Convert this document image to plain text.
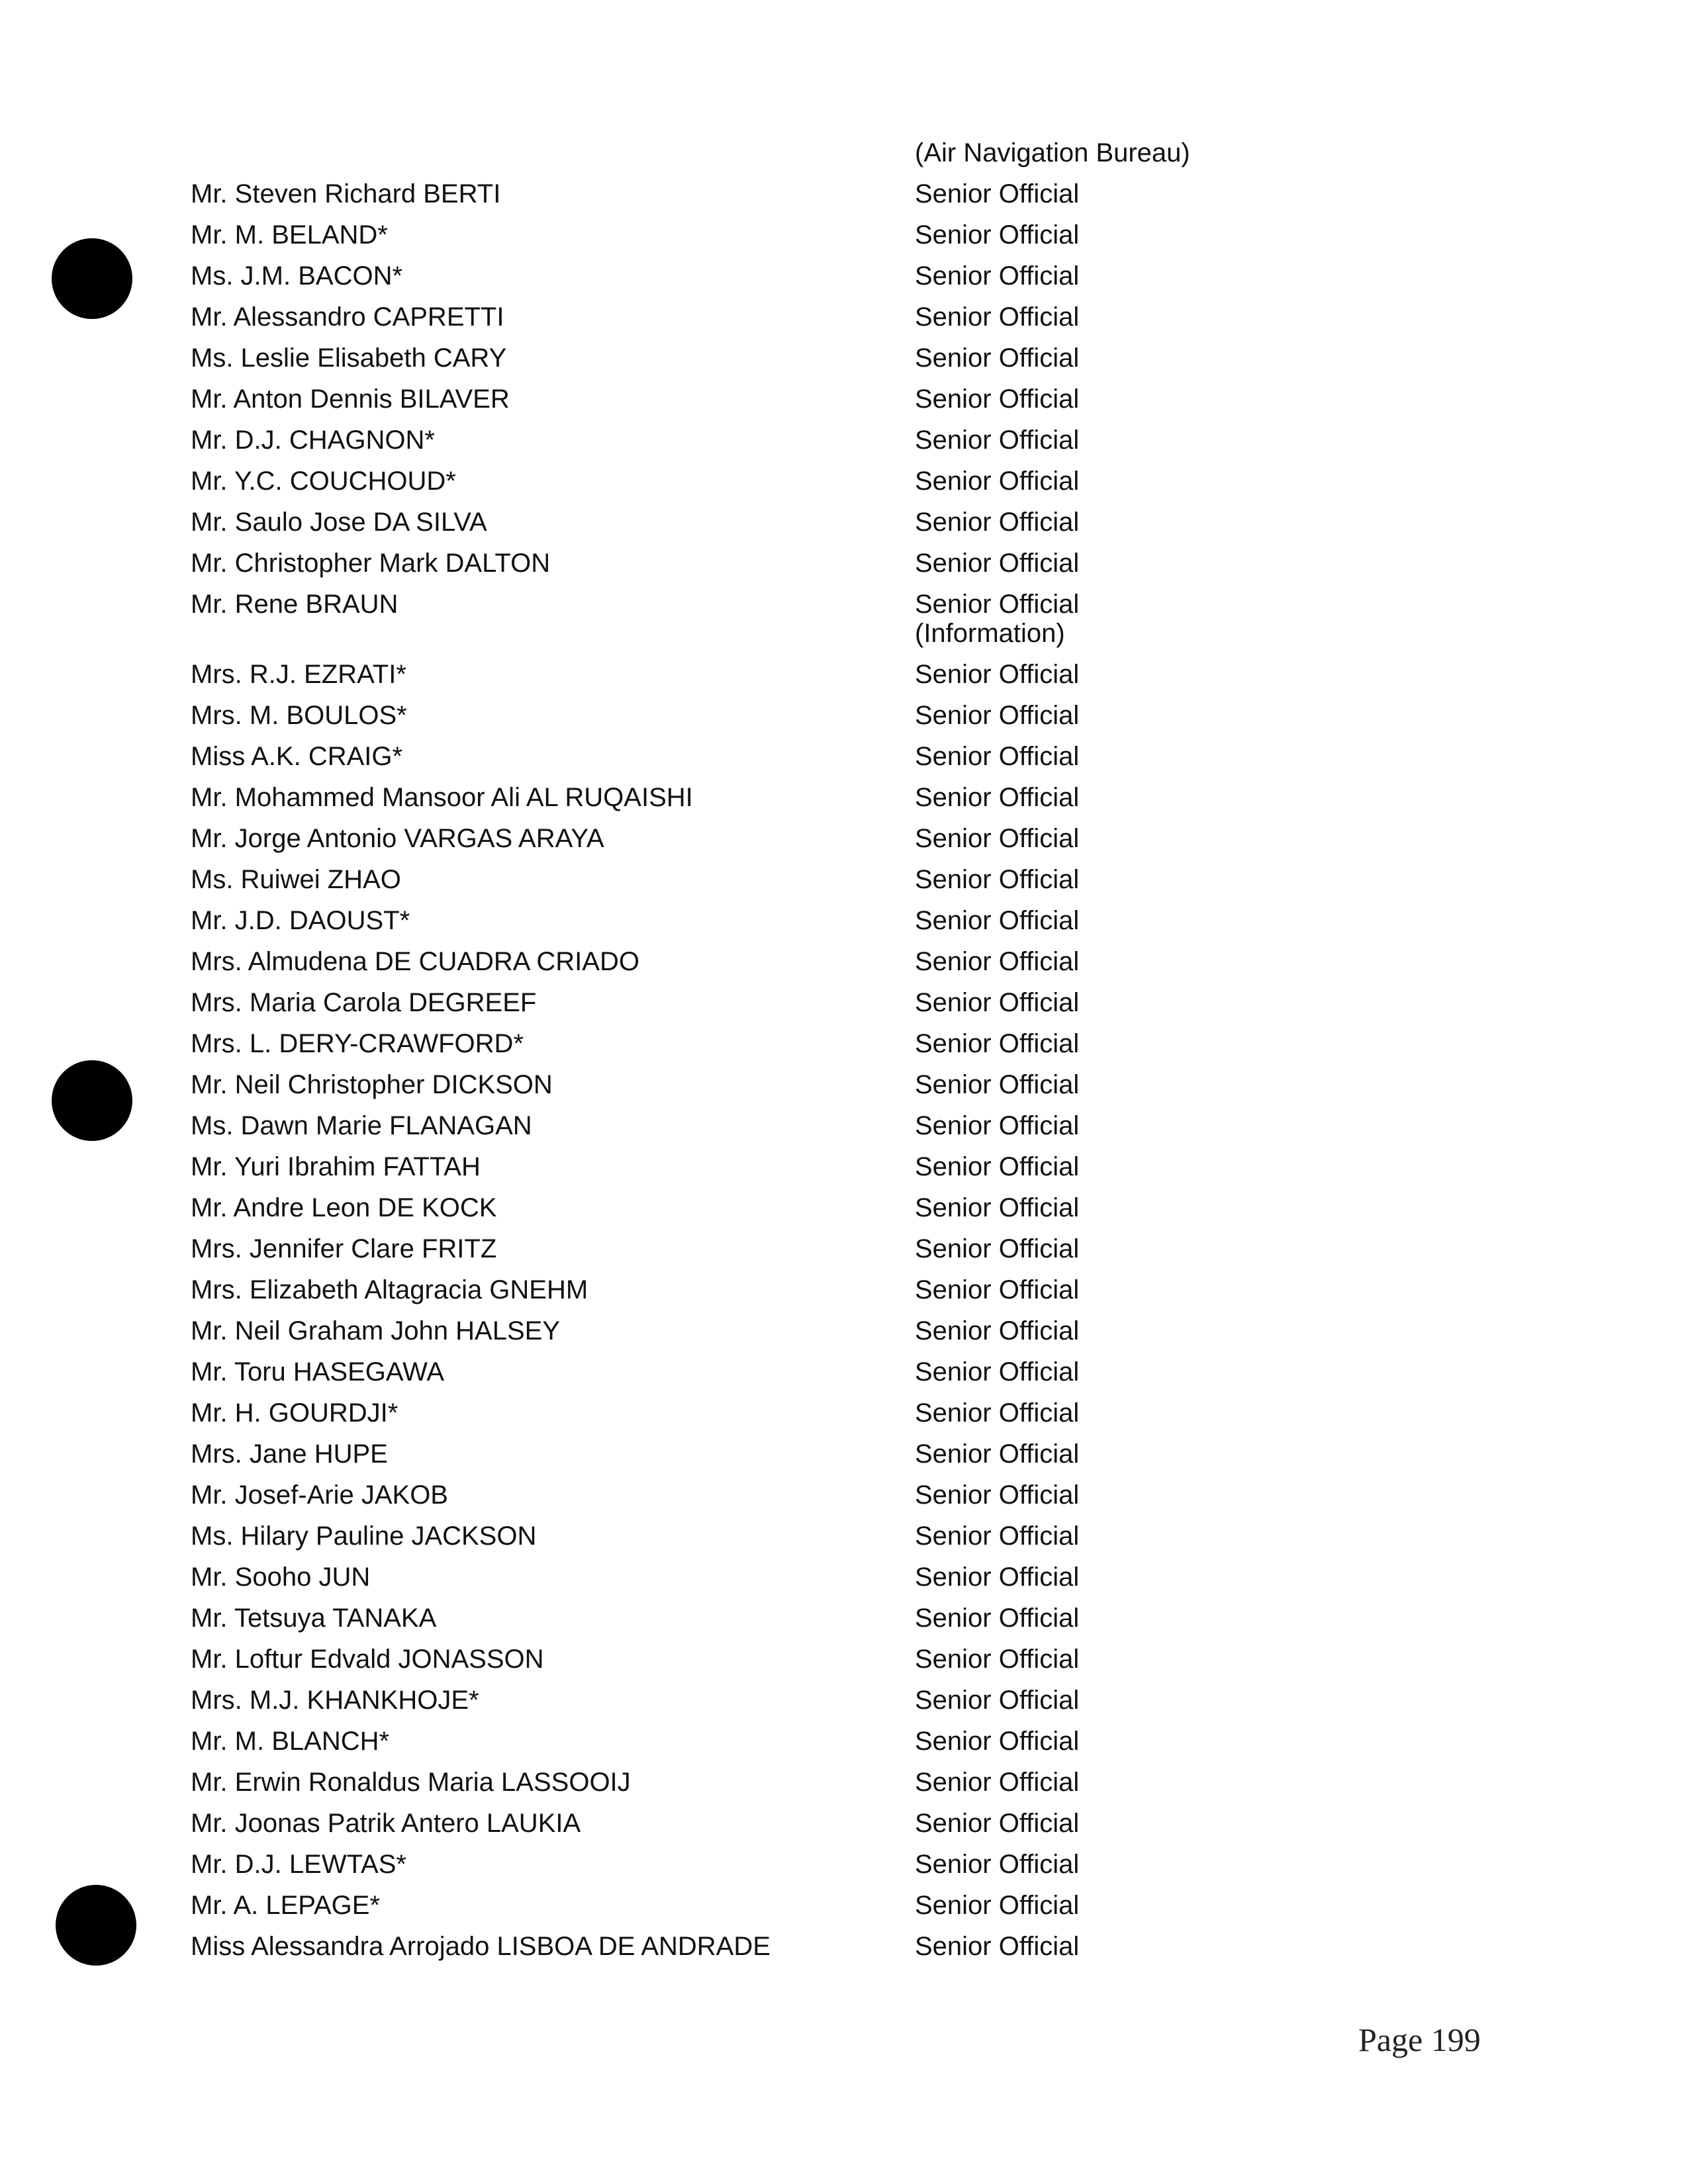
(Air Navigation Bureau)
Mr. Steven Richard BERTI	Senior Official
Mr. M. BELAND*	Senior Official
Ms. J.M. BACON*	Senior Official
Mr. Alessandro CAPRETTI	Senior Official
Ms. Leslie Elisabeth CARY	Senior Official
Mr. Anton Dennis BILAVER	Senior Official
Mr. D.J. CHAGNON*	Senior Official
Mr. Y.C. COUCHOUD*	Senior Official
Mr. Saulo Jose DA SILVA	Senior Official
Mr. Christopher Mark DALTON	Senior Official
Mr. Rene BRAUN	Senior Official
(Information)
Mrs. R.J. EZRATI*	Senior Official
Mrs. M. BOULOS*	Senior Official
Miss A.K. CRAIG*	Senior Official
Mr. Mohammed Mansoor Ali AL RUQAISHI	Senior Official
Mr. Jorge Antonio VARGAS ARAYA	Senior Official
Ms. Ruiwei ZHAO	Senior Official
Mr. J.D. DAOUST*	Senior Official
Mrs. Almudena DE CUADRA CRIADO	Senior Official
Mrs. Maria Carola DEGREEF	Senior Official
Mrs. L. DERY-CRAWFORD*	Senior Official
Mr. Neil Christopher DICKSON	Senior Official
Ms. Dawn Marie FLANAGAN	Senior Official
Mr. Yuri Ibrahim FATTAH	Senior Official
Mr. Andre Leon DE KOCK	Senior Official
Mrs. Jennifer Clare FRITZ	Senior Official
Mrs. Elizabeth Altagracia GNEHM	Senior Official
Mr. Neil Graham John HALSEY	Senior Official
Mr. Toru HASEGAWA	Senior Official
Mr. H. GOURDJI*	Senior Official
Mrs. Jane HUPE	Senior Official
Mr. Josef-Arie JAKOB	Senior Official
Ms. Hilary Pauline JACKSON	Senior Official
Mr. Sooho JUN	Senior Official
Mr. Tetsuya TANAKA	Senior Official
Mr. Loftur Edvald JONASSON	Senior Official
Mrs. M.J. KHANKHOJE*	Senior Official
Mr. M. BLANCH*	Senior Official
Mr. Erwin Ronaldus Maria LASSOOIJ	Senior Official
Mr. Joonas Patrik Antero LAUKIA	Senior Official
Mr. D.J. LEWTAS*	Senior Official
Mr. A. LEPAGE*	Senior Official
Miss Alessandra Arrojado LISBOA DE ANDRADE	Senior Official
Page 199
